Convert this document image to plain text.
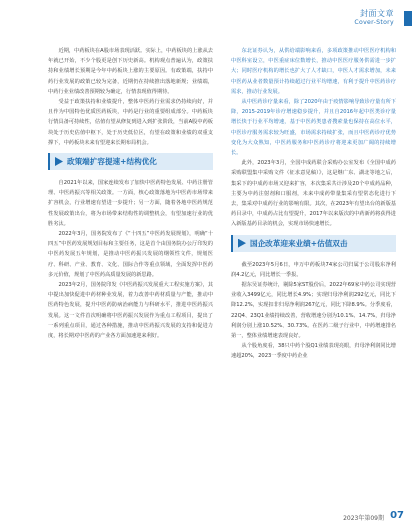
封面文章
Cover-Story

近期，中药板块在A股市场表现活跃。实际上，中药板块的上涨从去年就已开始，不少个股更是创下历史新高。机构观点普遍认为，政策扶持和业绩增长预期是今年中药板块上涨的主要原因。有政策端，扶持中药行业发展的政策已较为完备，近期仍在持续推出落地新规；业绩端，中药行业业绩改善预期较为确定，行情表现值得期待。

受益于政策扶持和业绩提升，整体中医药行业需求仍持续向好，并且作为中国特色优质医药板块，中药是行业的重要组成部分。中药板块行情具备可持续性，估值有望从修复到进入到扩张阶段，当前A股中药板块处于历史估值中枢下，处于历史低位区，有望在政策和业绩的双重支撑下，中药板块未来有望迎来长期布局机会。

政策端扩容提速+结构优化

自2021年以来，国家连续发布了加快中医药特色发展、中药注册管理、中医药振兴等相关政策。一方面，核心政策落地为中医药市场带来扩容机会，行业增速有望进一步提升；另一方面，随着各地中医药规范性发展政策出台，将为市场带来结构性的调整机会，有望加速行业的优胜劣汰。

2022年3月，国务院发布了《“十四五”中医药发展规划》，明确“十四五”中医药发展规划目标和主要任务，这是首个由国务院办公厅印发的中医药发展五年规划，是推动中医药振兴发展的纲领性文件，规划医疗、科研、产业、教育、文化、国际合作等重点领域，全面发挥中医药多元价值，规划了中医药高质量发展的新思路。

2023年2月，国务院印发《中医药振兴发展重大工程实施方案》，其中提出加快促进中药材种业发展，着力改善中药材质量与产能，推动中医药特色发展，提升中医药防病治病能力与科研水平，推进中医药振兴发展。这一文件首次明确将中医药振兴发展作为重点工程项目，提出了一系列重点项目，通过各种措施，推动中医药振兴发展的支持和促进力度，将长期对中医药的产业各方面加速迎来利好。

东北证券认为，从供给端影响来看，多项政策推动中医医疗机构和中医科室设立，中医重症床位数增长，推动中医医疗服务供需进一步扩大；同时医疗机构的增长也扩大了人才缺口，中医人才需求增加，未来中医药从业者数量预计持续超过行业平均增速，有利于提升中医药诊疗需求，推动行业发展。

从中医药诊疗量来看，除了2020年由于疫情影响导致诊疗量有所下降，2015-2019年诊疗增速稳步提升，并且自2016年起中医类诊疗量增长快于行业平均增速，基于中医药类患者搜索量也保持在高位水平，中医诊疗服务需求较为旺盛，市场需求持续扩张，而且中医药诊疗优势变化为大众熟知，中医药服务和中医药诊疗将迎来更加广阔的持续增长。

此外，2023年3月，全国中成药联合采购办公室发布《全国中成药采购联盟集中采购文件（征求意见稿）》，这是继广东、湖北等地之后，集采下的中成药市场又迎来扩容，本次集采共计涉及20个中成药品种，主要为中药注射剂和口服剂，未来中成药带量集采有望常态化进行下去，集采对中成药行业的影响有限。其次，在2023年有望出台的新版基药目录中，中成药占比有望提升，2017年以来版次的中药新药将获得进入新版基药目录的机会，实现市场快速增长。

国企改革迎来业绩+估值双击

截至2023年5月6日，申万中药板块74家公司归属于公司股东净利润4.2亿元，同比增长一季报。

据东吴证券统计，剔除5家ST股份后，2022年69家中药公司实现营业收入3499亿元，同比增长4.9%；实现归母净利润292亿元，同比下降12.2%，实现扣非归母净利润267亿元，同比下降8.9%。分季度看，22Q4、23Q1业绩持续改善，营收增速分别为10.1%、14.7%，归母净利润分别上涨10.52%、30.73%。在医药二级子行业中，中药增速排名第一，整体业绩增速表现良好。

从个股角度看，38只中药个股Q1业绩表现亮眼，归母净利润同比增速超20%，2023一季度中药企业

2023年第09期 07
